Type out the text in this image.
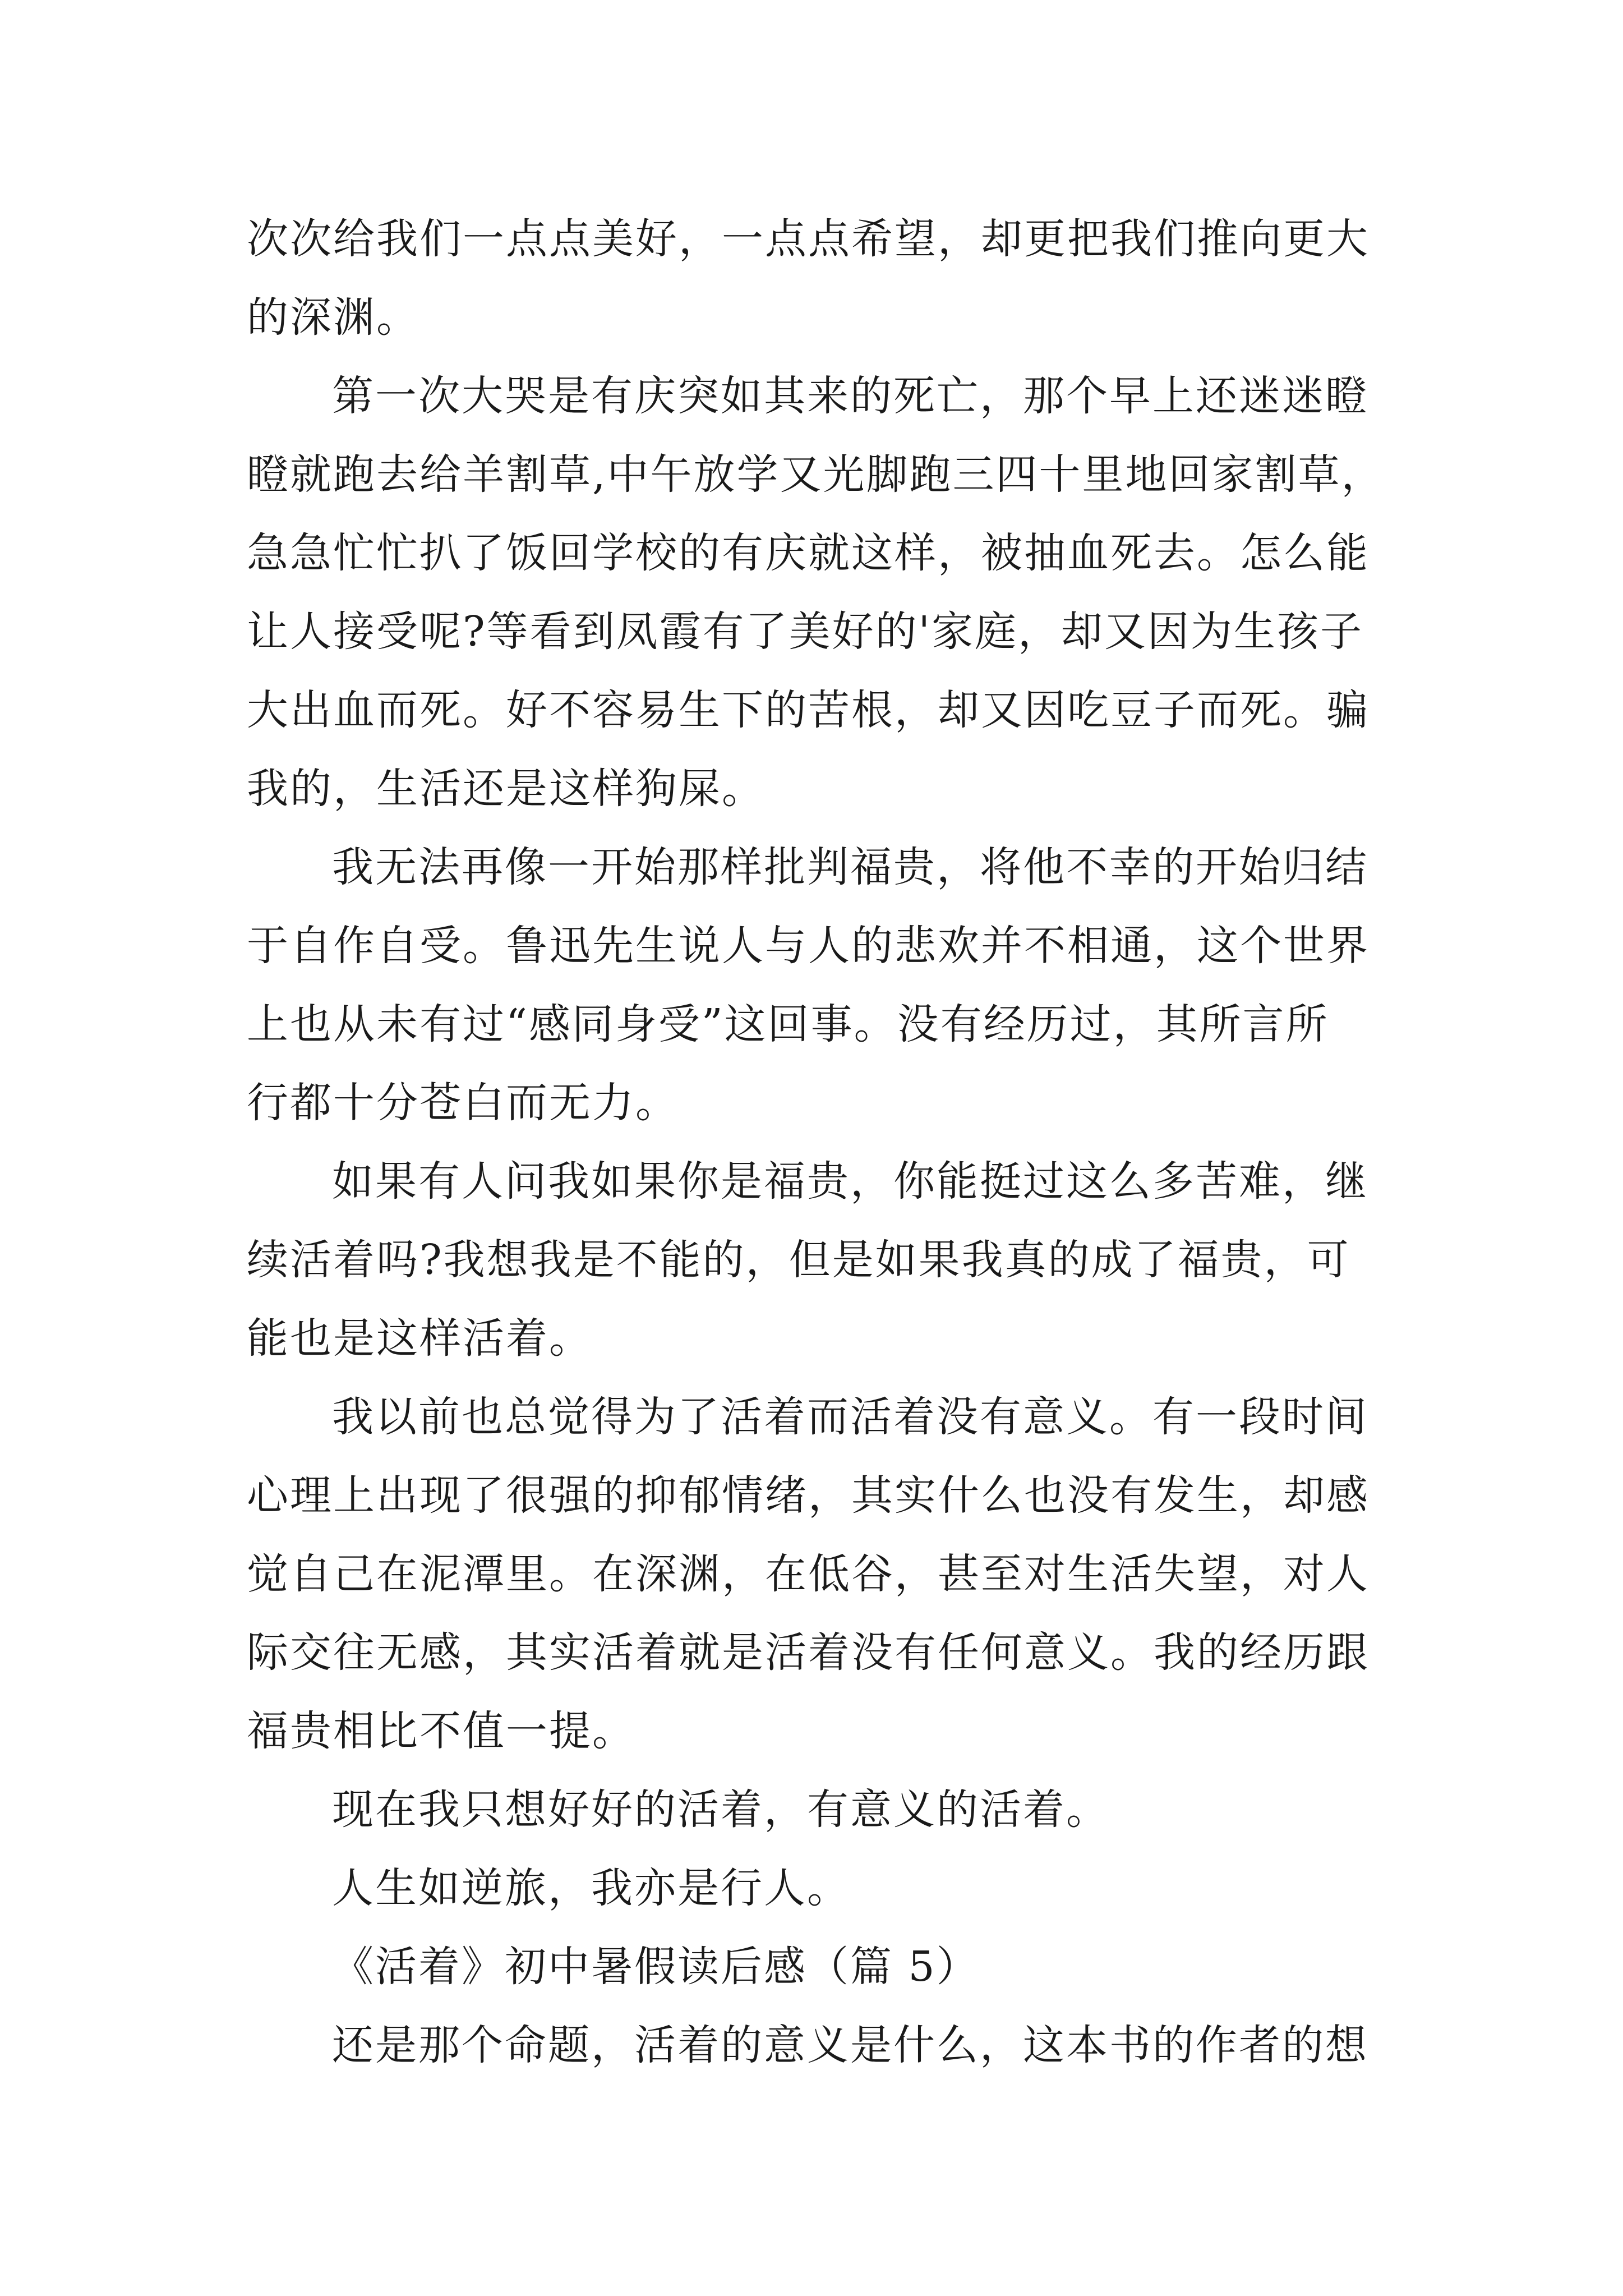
次次给我们一点点美好，一点点希望，却更把我们推向更大
的深渊。
第一次大哭是有庆突如其来的死亡，那个早上还迷迷瞪
瞪就跑去给羊割草,中午放学又光脚跑三四十里地回家割草，
急急忙忙扒了饭回学校的有庆就这样，被抽血死去。怎么能
让人接受呢?等看到凤霞有了美好的'家庭，却又因为生孩子
大出血而死。好不容易生下的苦根，却又因吃豆子而死。骗
我的，生活还是这样狗屎。
我无法再像一开始那样批判福贵，将他不幸的开始归结
于自作自受。鲁迅先生说人与人的悲欢并不相通，这个世界
上也从未有过“感同身受”这回事。没有经历过，其所言所
行都十分苍白而无力。
如果有人问我如果你是福贵，你能挺过这么多苦难，继
续活着吗?我想我是不能的，但是如果我真的成了福贵，可
能也是这样活着。
我以前也总觉得为了活着而活着没有意义。有一段时间
心理上出现了很强的抑郁情绪，其实什么也没有发生，却感
觉自己在泥潭里。在深渊，在低谷，甚至对生活失望，对人
际交往无感，其实活着就是活着没有任何意义。我的经历跟
福贵相比不值一提。
现在我只想好好的活着，有意义的活着。
人生如逆旅，我亦是行人。
《活着》初中暑假读后感（篇 5）
还是那个命题，活着的意义是什么，这本书的作者的想
